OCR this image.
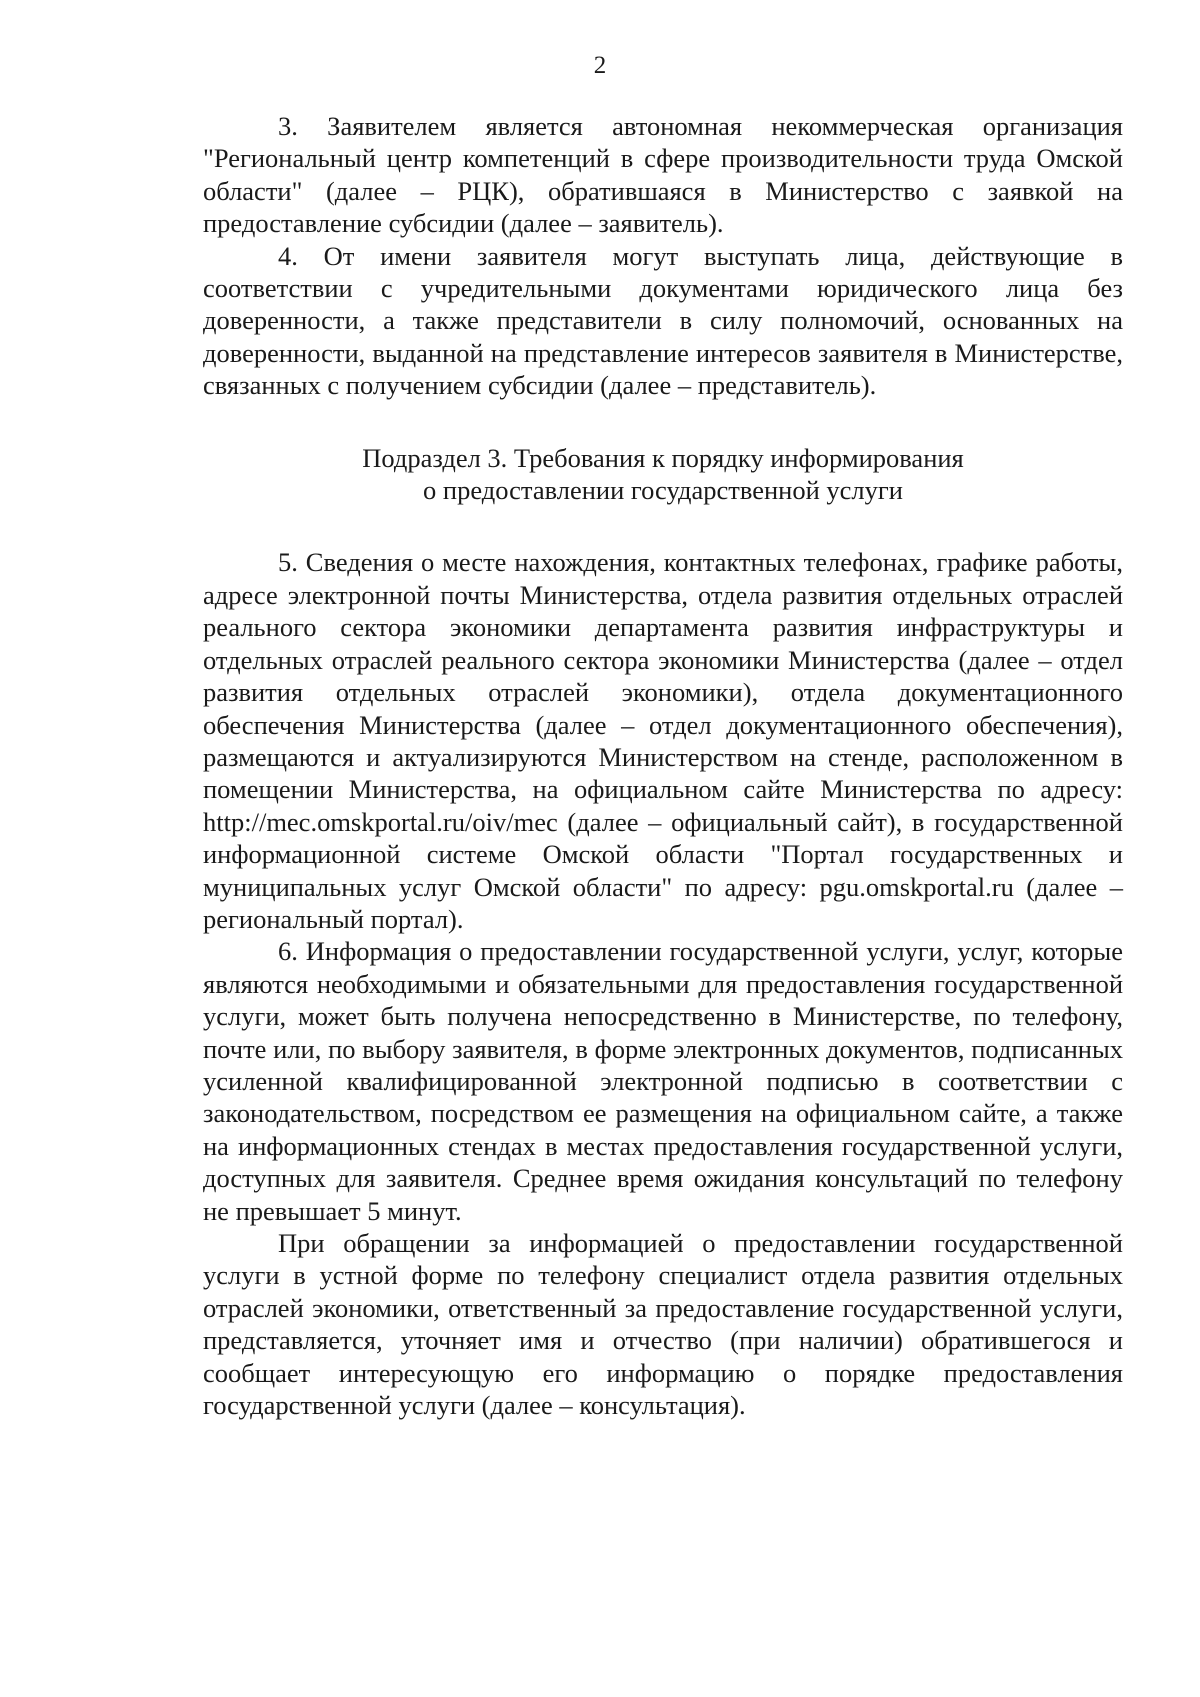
2

3. Заявителем является автономная некоммерческая организация "Региональный центр компетенций в сфере производительности труда Омской области" (далее – РЦК), обратившаяся в Министерство с заявкой на предоставление субсидии (далее – заявитель).

4. От имени заявителя могут выступать лица, действующие в соответствии с учредительными документами юридического лица без доверенности, а также представители в силу полномочий, основанных на доверенности, выданной на представление интересов заявителя в Министерстве, связанных с получением субсидии (далее – представитель).

Подраздел 3. Требования к порядку информирования
о предоставлении государственной услуги

5. Сведения о месте нахождения, контактных телефонах, графике работы, адресе электронной почты Министерства, отдела развития отдельных отраслей реального сектора экономики департамента развития инфраструктуры и отдельных отраслей реального сектора экономики Министерства (далее – отдел развития отдельных отраслей экономики), отдела документационного обеспечения Министерства (далее – отдел документационного обеспечения), размещаются и актуализируются Министерством на стенде, расположенном в помещении Министерства, на официальном сайте Министерства по адресу: http://mec.omskportal.ru/oiv/mec (далее – официальный сайт), в государственной информационной системе Омской области "Портал государственных и муниципальных услуг Омской области" по адресу: pgu.omskportal.ru (далее – региональный портал).

6. Информация о предоставлении государственной услуги, услуг, которые являются необходимыми и обязательными для предоставления государственной услуги, может быть получена непосредственно в Министерстве, по телефону, почте или, по выбору заявителя, в форме электронных документов, подписанных усиленной квалифицированной электронной подписью в соответствии с законодательством, посредством ее размещения на официальном сайте, а также на информационных стендах в местах предоставления государственной услуги, доступных для заявителя. Среднее время ожидания консультаций по телефону не превышает 5 минут.

При обращении за информацией о предоставлении государственной услуги в устной форме по телефону специалист отдела развития отдельных отраслей экономики, ответственный за предоставление государственной услуги, представляется, уточняет имя и отчество (при наличии) обратившегося и сообщает интересующую его информацию о порядке предоставления государственной услуги (далее – консультация).
